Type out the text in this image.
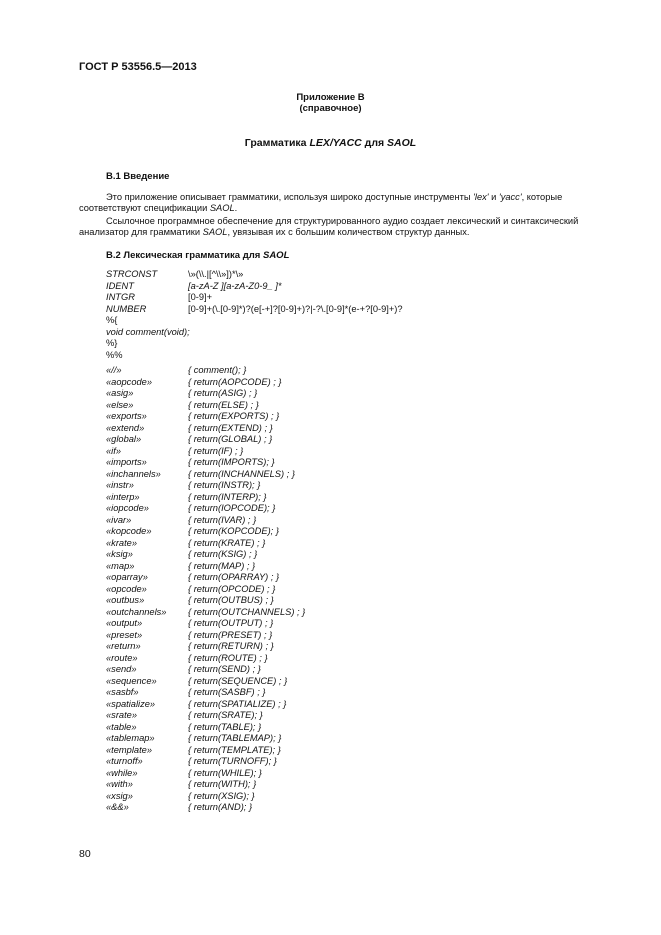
ГОСТ Р 53556.5—2013
Приложение В
(справочное)
Грамматика LEX/YACC для SAOL
В.1 Введение
Это приложение описывает грамматики, используя широко доступные инструменты 'lex' и 'yacc', которые соответствуют спецификации SAOL.
Ссылочное программное обеспечение для структурированного аудио создает лексический и синтаксический анализатор для грамматики SAOL, увязывая их с большим количеством структур данных.
В.2 Лексическая грамматика для SAOL
STRCONST	\»(\\.|[^\\»])*\»
IDENT	[a-zA-Z ][a-zA-Z0-9_ ]*
INTGR	[0-9]+
NUMBER	[0-9]+(\.[0-9]*)?(e[-+]?[0-9]+)?|-?\.[0-9]*(e-+?[0-9]+)?
%{
void comment(void);
%}
%%
«//»	{ comment(); }
«aopcode»	{ return(AOPCODE) ; }
«asig»	{ return(ASIG) ; }
«else»	{ return(ELSE) ; }
«exports»	{ return(EXPORTS) ; }
«extend»	{ return(EXTEND) ; }
«global»	{ return(GLOBAL) ; }
«if»	{ return(IF) ; }
«imports»	{ return(IMPORTS); }
«inchannels»	{ return(INCHANNELS) ; }
«instr»	{ return(INSTR); }
«interp»	{ return(INTERP); }
«iopcode»	{ return(IOPCODE); }
«ivar»	{ return(IVAR) ; }
«kopcode»	{ return(KOPCODE); }
«krate»	{ return(KRATE) ; }
«ksig»	{ return(KSIG) ; }
«map»	{ return(MAP) ; }
«oparray»	{ return(OPARRAY) ; }
«opcode»	{ return(OPCODE) ; }
«outbus»	{ return(OUTBUS) ; }
«outchannels»	{ return(OUTCHANNELS) ; }
«output»	{ return(OUTPUT) ; }
«preset»	{ return(PRESET) ; }
«return»	{ return(RETURN) ; }
«route»	{ return(ROUTE) ; }
«send»	{ return(SEND) ; }
«sequence»	{ return(SEQUENCE) ; }
«sasbf»	{ return(SASBF) ; }
«spatialize»	{ return(SPATIALIZE) ; }
«srate»	{ return(SRATE); }
«table»	{ return(TABLE); }
«tablemap»	{ return(TABLEMAP); }
«template»	{ return(TEMPLATE); }
«turnoff»	{ return(TURNOFF); }
«while»	{ return(WHILE); }
«with»	{ return(WITH); }
«xsig»	{ return(XSIG); }
«&&»	{ return(AND); }
80
